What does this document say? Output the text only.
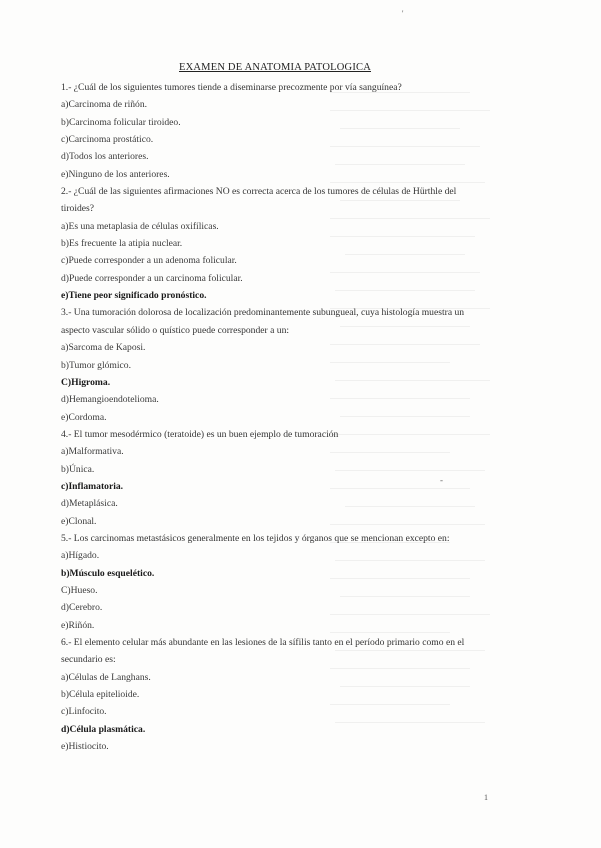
'
EXAMEN DE ANATOMIA PATOLOGICA
1.- ¿Cuál de los siguientes tumores tiende a diseminarse precozmente por vía sanguínea?
a)Carcinoma de riñón.
b)Carcinoma folicular tiroideo.
c)Carcinoma prostático.
d)Todos los anteriores.
e)Ninguno de los anteriores.
2.- ¿Cuál de las siguientes afirmaciones NO es correcta acerca de los tumores de células de Hürthle del
tiroides?
a)Es una metaplasia de células oxifílicas.
b)Es frecuente la atipia nuclear.
c)Puede corresponder a un adenoma folicular.
d)Puede corresponder a un carcinoma folicular.
e)Tiene peor significado pronóstico.
3.- Una tumoración dolorosa de localización predominantemente subungueal, cuya histología muestra un
aspecto vascular sólido o quístico puede corresponder a un:
a)Sarcoma de Kaposi.
b)Tumor glómico.
C)Higroma.
d)Hemangioendotelioma.
e)Cordoma.
4.- El tumor mesodérmico (teratoide) es un buen ejemplo de tumoración
a)Malformativa.
b)Única.
c)Inflamatoria.
d)Metaplásica.
e)Clonal.
5.- Los carcinomas metastásicos generalmente en los tejidos y órganos que se mencionan excepto en:
a)Hígado.
b)Músculo esquelético.
C)Hueso.
d)Cerebro.
e)Riñón.
6.- El elemento celular más abundante en las lesiones de la sífilis tanto en el período primario como en el
secundario es:
a)Células de Langhans.
b)Célula epitelioide.
c)Linfocito.
d)Célula plasmática.
e)Histiocito.
-
1
